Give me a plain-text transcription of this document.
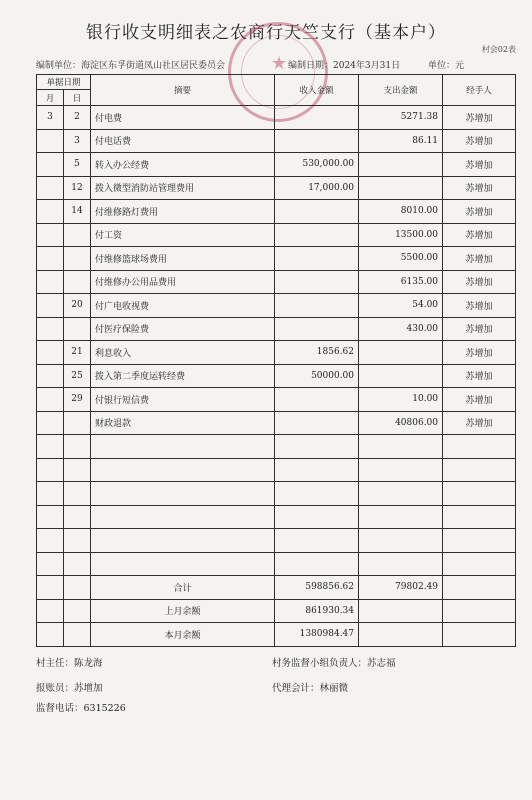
银行收支明细表之农商行天竺支行（基本户）
村会02表
★
编制单位：海淀区东孚街道凤山社区居民委员会	编制日期：2024年3月31日	单位：元
单据日期		摘要	收入金额	支出金额	经手人
月	日				
3	2	付电费		5271.38	苏增加
	3	付电话费		86.11	苏增加
	5	转入办公经费	530,000.00		苏增加
	12	拨入微型消防站管理费用	17,000.00		苏增加
	14	付维修路灯费用		8010.00	苏增加
		付工资		13500.00	苏增加
		付维修篮球场费用		5500.00	苏增加
		付维修办公用品费用		6135.00	苏增加
	20	付广电收视费		54.00	苏增加
		付医疗保险费		430.00	苏增加
	21	利息收入	1856.62		苏增加
	25	拨入第二季度运转经费	50000.00		苏增加
	29	付银行短信费		10.00	苏增加
		财政退款		40806.00	苏增加

		合计	598856.62	79802.49	
		上月余额	861930.34		
		本月余额	1380984.47		
村主任：陈龙海	村务监督小组负责人：苏志福
报账员：苏增加	代理会计：林丽微
监督电话：6315226
